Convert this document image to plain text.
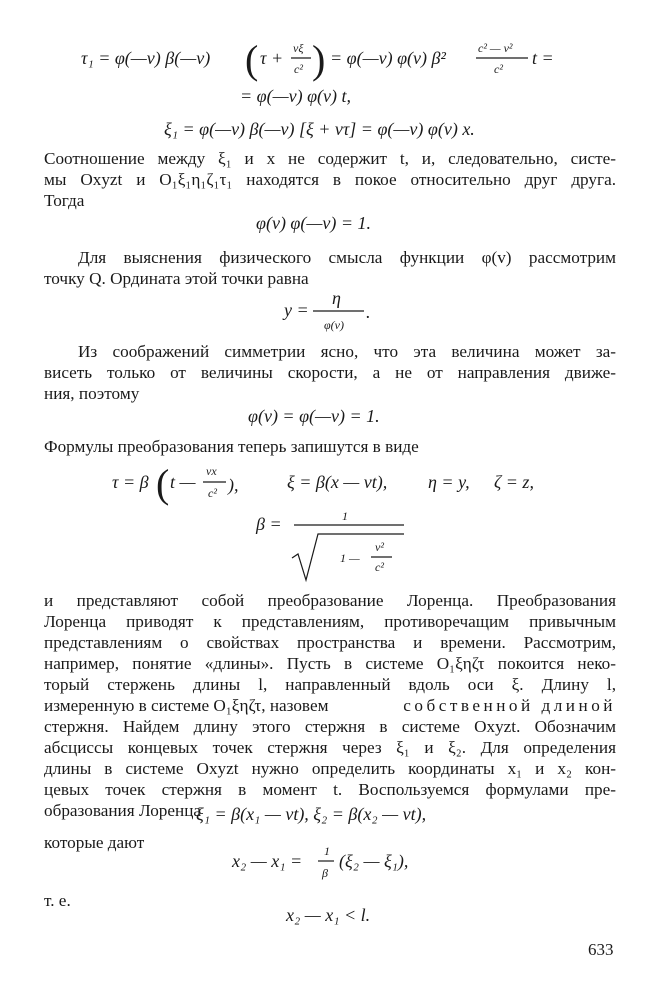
τ₁ = φ(—v) β(—v) ( τ + vξ
c² ) = φ(—v) φ(v) β²	c² — v²
c²
t =
y =
η
φ(v)
.
τ = β ( t —
vx
c² ),	ξ = β(x — vt), η = y, ζ = z,
β =	1
1 —
v²
c²
x₂ — x₁ = 1
β
(ξ₂ — ξ₁),
= φ(—v) φ(v) t,
ξ₁ = φ(—v) β(—v) [ξ + vτ] = φ(—v) φ(v) x.
Соотношение между ξ₁ и x не содержит t, и, следовательно, систе-
мы Oxyzt и O₁ξ₁η₁ζ₁τ₁ находятся в покое относительно друг друга.
Тогда
φ(v) φ(—v) = 1.
Для выяснения физического смысла функции φ(v) рассмотрим
точку Q. Ордината этой точки равна
Из соображений симметрии ясно, что эта величина может за-
висеть только от величины скорости, а не от направления движе-
ния, поэтому
φ(v) = φ(—v) = 1.
Формулы преобразования теперь запишутся в виде
и представляют собой преобразование Лоренца. Преобразования
Лоренца приводят к представлениям, противоречащим привычным
представлениям о свойствах пространства и времени. Рассмотрим,
например, понятие «длины». Пусть в системе O₁ξηζτ покоится неко-
торый стержень длины l, направленный вдоль оси ξ. Длину l,
измеренную в системе O₁ξηζτ, назовем	собственной длиной
стержня. Найдем длину этого стержня в системе Oxyzt. Обозначим
абсциссы концевых точек стержня через ξ₁ и ξ₂. Для определения
длины в системе Oxyzt нужно определить координаты x₁ и x₂ кон-
цевых точек стержня в момент t. Воспользуемся формулами пре-
образования Лоренца
ξ₁ = β(x₁ — vt), ξ₂ = β(x₂ — vt),
которые дают
т. е.
x₂ — x₁ < l.
633
